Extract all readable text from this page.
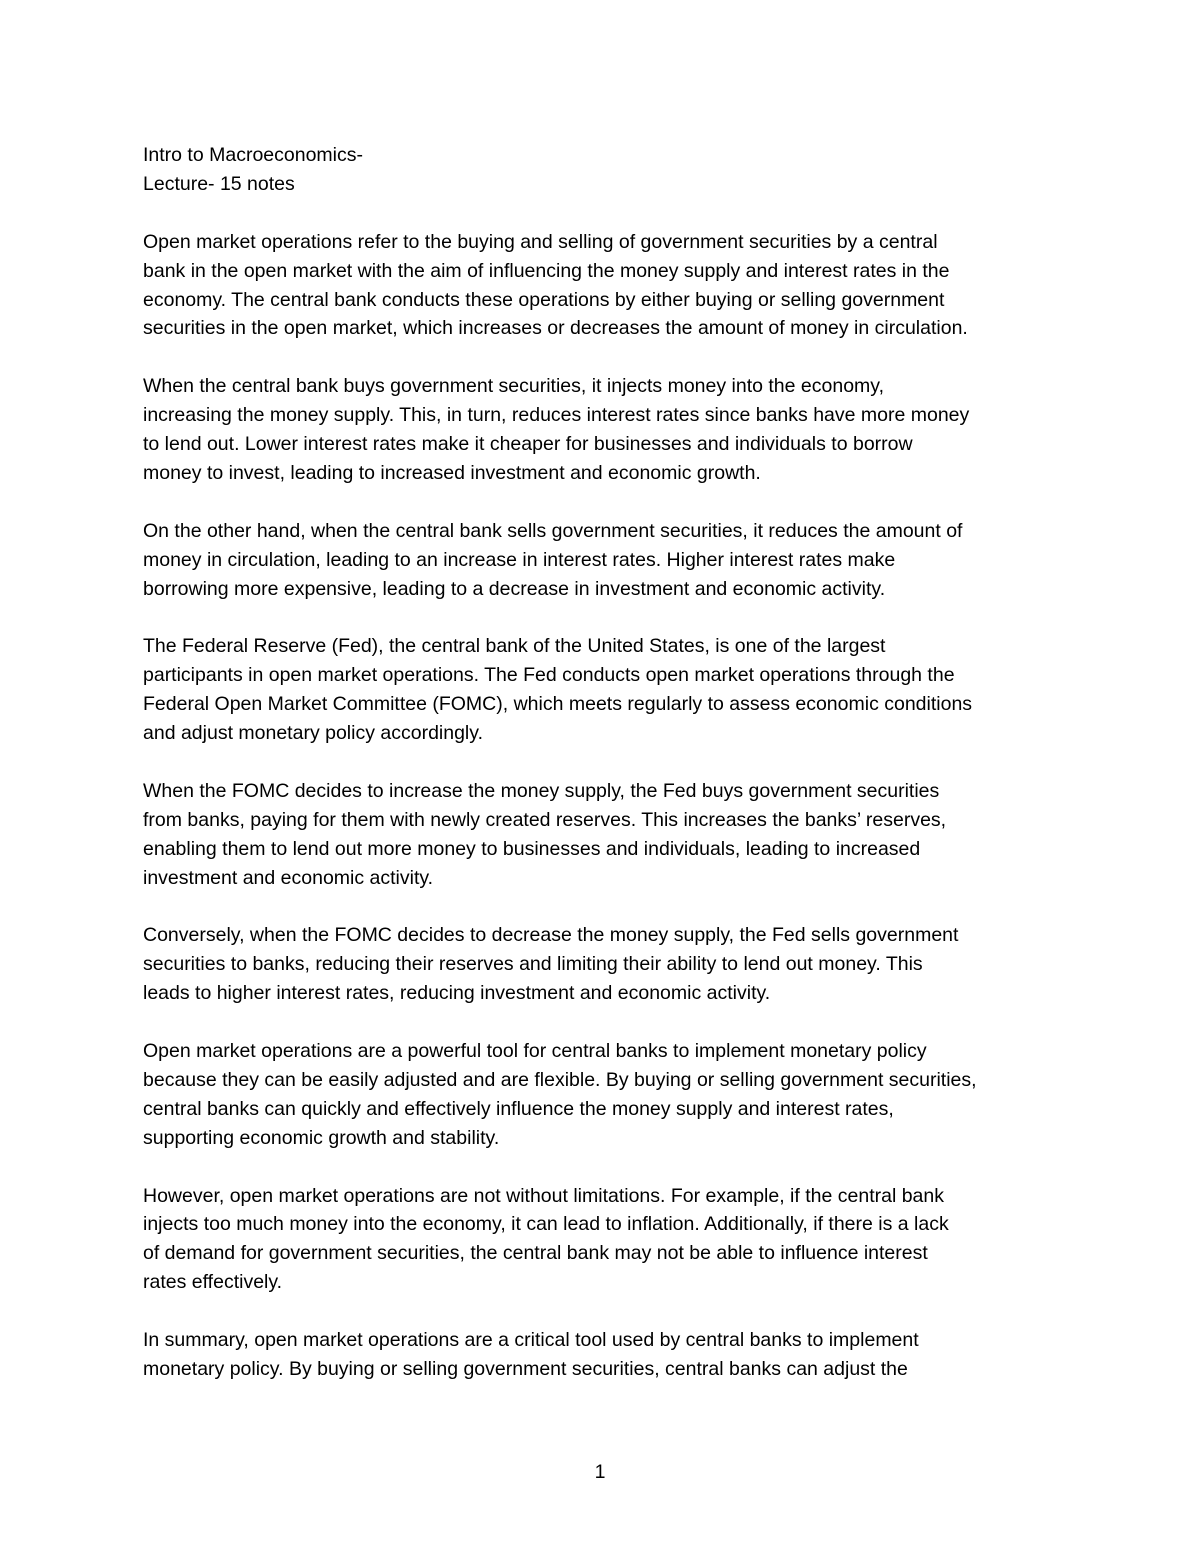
Intro to Macroeconomics-

Lecture- 15 notes

Open market operations refer to the buying and selling of government securities by a central
bank in the open market with the aim of influencing the money supply and interest rates in the
economy. The central bank conducts these operations by either buying or selling government
securities in the open market, which increases or decreases the amount of money in circulation.

When the central bank buys government securities, it injects money into the economy,
increasing the money supply. This, in turn, reduces interest rates since banks have more money
to lend out. Lower interest rates make it cheaper for businesses and individuals to borrow
money to invest, leading to increased investment and economic growth.

On the other hand, when the central bank sells government securities, it reduces the amount of
money in circulation, leading to an increase in interest rates. Higher interest rates make
borrowing more expensive, leading to a decrease in investment and economic activity.

The Federal Reserve (Fed), the central bank of the United States, is one of the largest
participants in open market operations. The Fed conducts open market operations through the
Federal Open Market Committee (FOMC), which meets regularly to assess economic conditions
and adjust monetary policy accordingly.

When the FOMC decides to increase the money supply, the Fed buys government securities
from banks, paying for them with newly created reserves. This increases the banks’ reserves,
enabling them to lend out more money to businesses and individuals, leading to increased
investment and economic activity.

Conversely, when the FOMC decides to decrease the money supply, the Fed sells government
securities to banks, reducing their reserves and limiting their ability to lend out money. This
leads to higher interest rates, reducing investment and economic activity.

Open market operations are a powerful tool for central banks to implement monetary policy
because they can be easily adjusted and are flexible. By buying or selling government securities,
central banks can quickly and effectively influence the money supply and interest rates,
supporting economic growth and stability.

However, open market operations are not without limitations. For example, if the central bank
injects too much money into the economy, it can lead to inflation. Additionally, if there is a lack
of demand for government securities, the central bank may not be able to influence interest
rates effectively.

In summary, open market operations are a critical tool used by central banks to implement
monetary policy. By buying or selling government securities, central banks can adjust the

1
